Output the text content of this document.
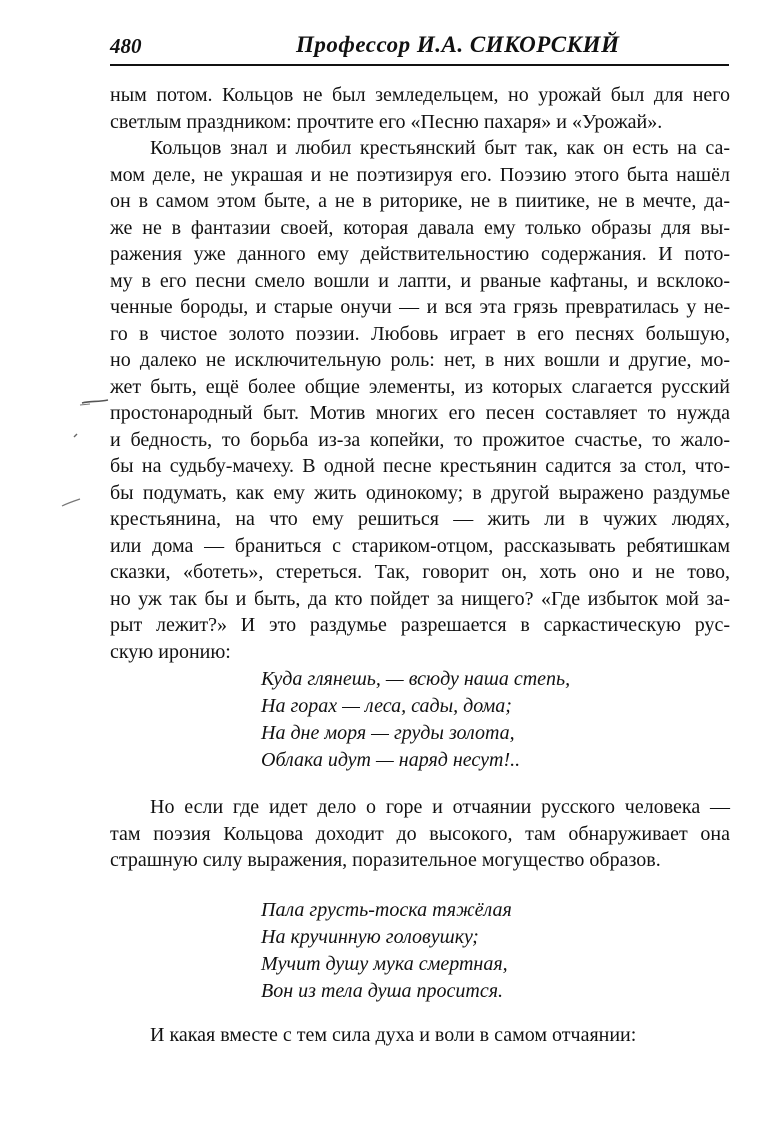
480	Профессор И.А. СИКОРСКИЙ
ным потом. Кольцов не был земледельцем, но урожай был для него
светлым праздником: прочтите его «Песню пахаря» и «Урожай».
Кольцов знал и любил крестьянский быт так, как он есть на са-
мом деле, не украшая и не поэтизируя его. Поэзию этого быта нашёл
он в самом этом быте, а не в риторике, не в пиитике, не в мечте, да-
же не в фантазии своей, которая давала ему только образы для вы-
ражения уже данного ему действительностию содержания. И пото-
му в его песни смело вошли и лапти, и рваные кафтаны, и всклоко-
ченные бороды, и старые онучи — и вся эта грязь превратилась у не-
го в чистое золото поэзии. Любовь играет в его песнях большую,
но далеко не исключительную роль: нет, в них вошли и другие, мо-
жет быть, ещё более общие элементы, из которых слагается русский
простонародный быт. Мотив многих его песен составляет то нужда
и бедность, то борьба из-за копейки, то прожитое счастье, то жало-
бы на судьбу-мачеху. В одной песне крестьянин садится за стол, что-
бы подумать, как ему жить одинокому; в другой выражено раздумье
крестьянина, на что ему решиться — жить ли в чужих людях,
или дома — браниться с стариком-отцом, рассказывать ребятишкам
сказки, «ботеть», стереться. Так, говорит он, хоть оно и не тово,
но уж так бы и быть, да кто пойдет за нищего? «Где избыток мой за-
рыт лежит?» И это раздумье разрешается в саркастическую рус-
скую иронию:
Куда глянешь, — всюду наша степь,
На горах — леса, сады, дома;
На дне моря — груды золота,
Облака идут — наряд несут!..
Но если где идет дело о горе и отчаянии русского человека —
там поэзия Кольцова доходит до высокого, там обнаруживает она
страшную силу выражения, поразительное могущество образов.
Пала грусть-тоска тяжёлая
На кручинную головушку;
Мучит душу мука смертная,
Вон из тела душа просится.
И какая вместе с тем сила духа и воли в самом отчаянии:
